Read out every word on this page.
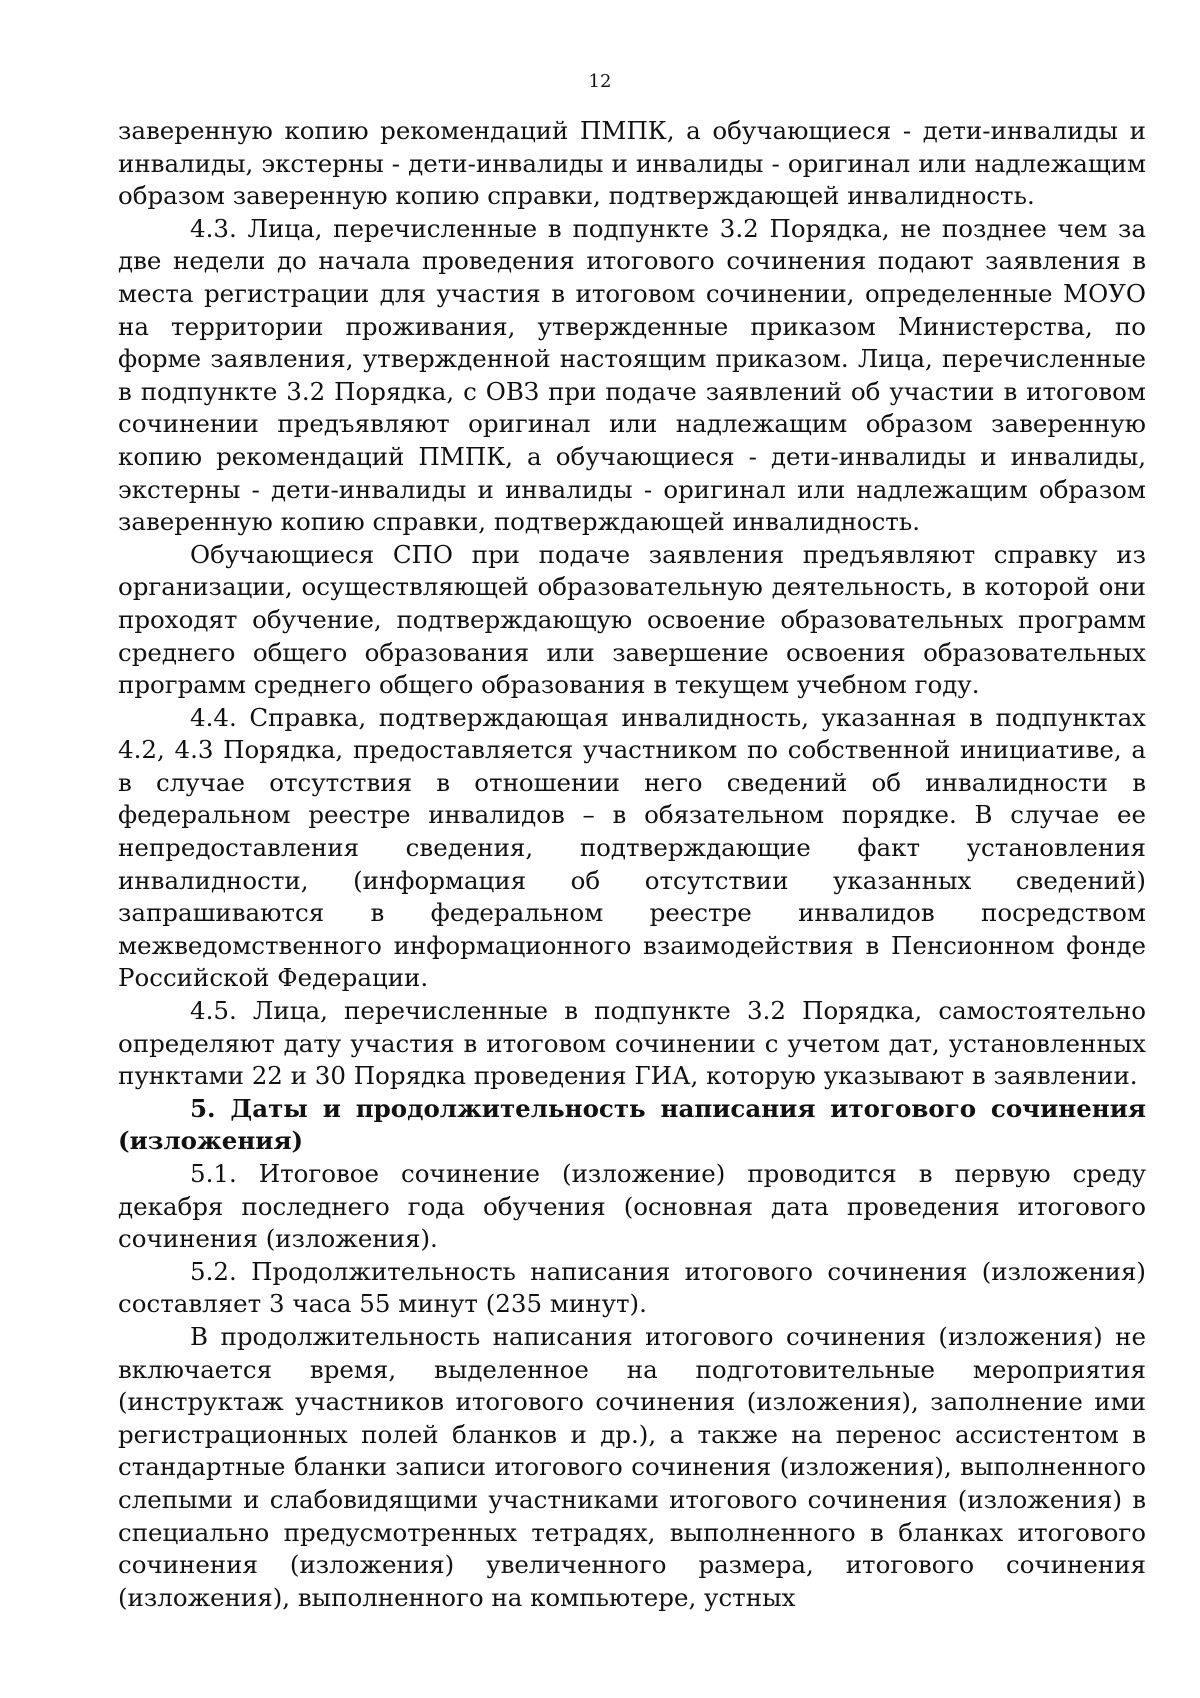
12

заверенную копию рекомендаций ПМПК, а обучающиеся - дети-инвалиды и инвалиды, экстерны - дети-инвалиды и инвалиды - оригинал или надлежащим образом заверенную копию справки, подтверждающей инвалидность.

4.3. Лица, перечисленные в подпункте 3.2 Порядка, не позднее чем за две недели до начала проведения итогового сочинения подают заявления в места регистрации для участия в итоговом сочинении, определенные МОУО на территории проживания, утвержденные приказом Министерства, по форме заявления, утвержденной настоящим приказом. Лица, перечисленные в подпункте 3.2 Порядка, с ОВЗ при подаче заявлений об участии в итоговом сочинении предъявляют оригинал или надлежащим образом заверенную копию рекомендаций ПМПК, а обучающиеся - дети-инвалиды и инвалиды, экстерны - дети-инвалиды и инвалиды - оригинал или надлежащим образом заверенную копию справки, подтверждающей инвалидность.

Обучающиеся СПО при подаче заявления предъявляют справку из организации, осуществляющей образовательную деятельность, в которой они проходят обучение, подтверждающую освоение образовательных программ среднего общего образования или завершение освоения образовательных программ среднего общего образования в текущем учебном году.

4.4. Справка, подтверждающая инвалидность, указанная в подпунктах 4.2, 4.3 Порядка, предоставляется участником по собственной инициативе, а в случае отсутствия в отношении него сведений об инвалидности в федеральном реестре инвалидов – в обязательном порядке. В случае ее непредоставления сведения, подтверждающие факт установления инвалидности, (информация об отсутствии указанных сведений) запрашиваются в федеральном реестре инвалидов посредством межведомственного информационного взаимодействия в Пенсионном фонде Российской Федерации.

4.5. Лица, перечисленные в подпункте 3.2 Порядка, самостоятельно определяют дату участия в итоговом сочинении с учетом дат, установленных пунктами 22 и 30 Порядка проведения ГИА, которую указывают в заявлении.

5. Даты и продолжительность написания итогового сочинения (изложения)

5.1. Итоговое сочинение (изложение) проводится в первую среду декабря последнего года обучения (основная дата проведения итогового сочинения (изложения).

5.2. Продолжительность написания итогового сочинения (изложения) составляет 3 часа 55 минут (235 минут).

В продолжительность написания итогового сочинения (изложения) не включается время, выделенное на подготовительные мероприятия (инструктаж участников итогового сочинения (изложения), заполнение ими регистрационных полей бланков и др.), а также на перенос ассистентом в стандартные бланки записи итогового сочинения (изложения), выполненного слепыми и слабовидящими участниками итогового сочинения (изложения) в специально предусмотренных тетрадях, выполненного в бланках итогового сочинения (изложения) увеличенного размера, итогового сочинения (изложения), выполненного на компьютере, устных
